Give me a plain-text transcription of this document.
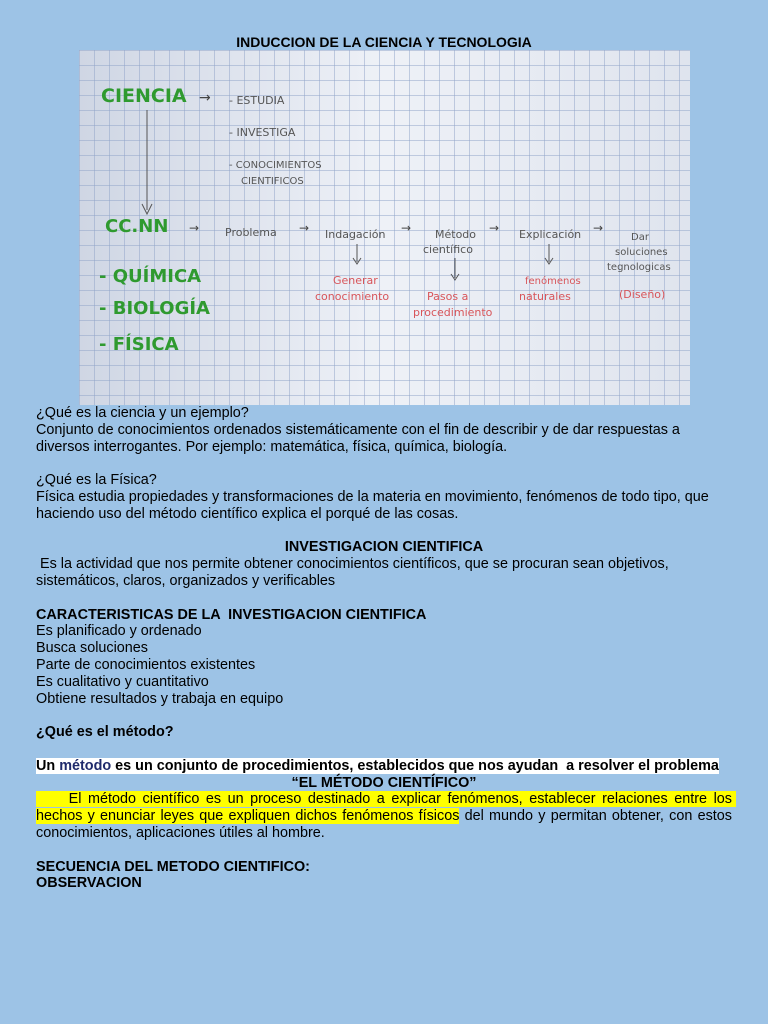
INDUCCION DE LA CIENCIA Y TECNOLOGIA
CIENCIA → - ESTUDIA
- INVESTIGA
- CONOCIMIENTOS
CIENTIFICOS
CC.NN → Problema → Indagación → Método
científico
→ Explicación →
Dar
soluciones
tegnologicas
Generar
conocimiento	Pasos a
procedimiento
fenómenos
naturales	(Diseño)
- QUÍMICA
- BIOLOGÍA
- FÍSICA

¿Qué es la ciencia y un ejemplo?

Conjunto de conocimientos ordenados sistemáticamente con el fin de describir y de dar respuestas a diversos interrogantes. Por ejemplo: matemática, física, química, biología.

¿Qué es la Física?

Física estudia propiedades y transformaciones de la materia en movimiento, fenómenos de todo tipo, que haciendo uso del método científico explica el porqué de las cosas.

INVESTIGACION CIENTIFICA

Es la actividad que nos permite obtener conocimientos científicos, que se procuran sean objetivos, sistemáticos, claros, organizados y verificables

CARACTERISTICAS DE LA  INVESTIGACION CIENTIFICA

Es planificado y ordenado

Busca soluciones

Parte de conocimientos existentes

Es cualitativo y cuantitativo

Obtiene resultados y trabaja en equipo

¿Qué es el método?

Un método es un conjunto de procedimientos, establecidos que nos ayudan  a resolver el problema

“EL MÉTODO CIENTÍFICO”

El método científico es un proceso destinado a explicar fenómenos, establecer relaciones entre los hechos y enunciar leyes que expliquen dichos fenómenos físicos del mundo y permitan obtener, con estos conocimientos, aplicaciones útiles al hombre.

SECUENCIA DEL METODO CIENTIFICO:

OBSERVACION
